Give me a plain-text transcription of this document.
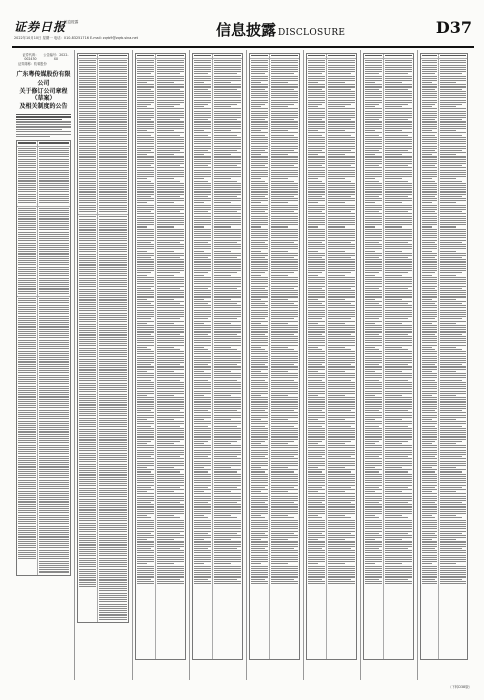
证券日报
信息披露
2022年10月10日 星期一 电话：010-83251716 E-mail: zqrb9@zqrb.sina.net	信息披露 DISCLOSURE	D37
证券代码：002430
公告编号：2022-XX
证券简称：杭氧股份
广东粤传媒股份有限公司
关于修订公司章程（草案）
及相关制度的公告
（下转D38版）
